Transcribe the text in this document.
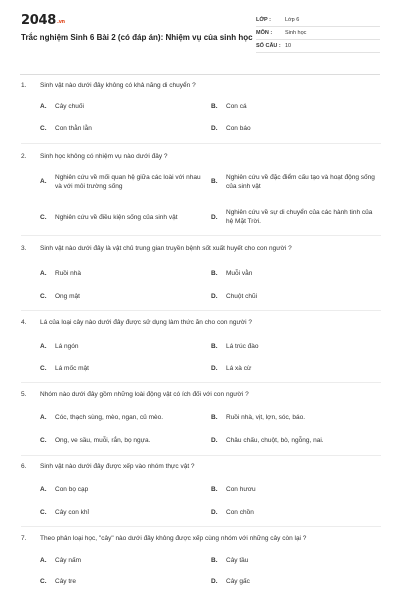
$2048^{.vn}$
Trắc nghiệm Sinh 6 Bài 2 (có đáp án): Nhiệm vụ của sinh học
LỚP :	Lớp 6
MÔN : Sinh học
SỐ CÂU : 10
1. Sinh vật nào dưới đây không có khả năng di chuyển ?
A. Cây chuối	B. Con cá
C. Con thằn lằn	D. Con báo
2. Sinh học không có nhiệm vụ nào dưới đây ?
A.
Nghiên cứu về mối quan hệ giữa các loài với nhau và với môi trường sống
B.
Nghiên cứu về đặc điểm cấu tạo và hoạt động sống của sinh vật
C. Nghiên cứu về điều kiện sống của sinh vật	D.
Nghiên cứu về sự di chuyển của các hành tinh của hệ Mặt Trời.
3. Sinh vật nào dưới đây là vật chủ trung gian truyền bệnh sốt xuất huyết cho con người ?
A. Ruồi nhà	B. Muỗi vằn
C. Ong mật	D. Chuột chũi
4. Lá của loại cây nào dưới đây được sử dụng làm thức ăn cho con người ?
A. Lá ngón	B. Lá trúc đào
C. Lá mốc mật	D. Lá xà cừ
5. Nhóm nào dưới đây gồm những loài động vật có ích đối với con người ?
A. Cóc, thạch sùng, mèo, ngan, củ mèo.	B. Ruồi nhà, vịt, lợn, sóc, báo.
C. Ong, ve sầu, muỗi, rắn, bọ ngựa.	D. Châu chấu, chuột, bò, ngỗng, nai.
6. Sinh vật nào dưới đây được xếp vào nhóm thực vật ?
A. Con bọ cạp	B. Con hươu
C. Cây con khỉ	D. Con chồn
7. Theo phân loại học, "cây" nào dưới đây không được xếp cùng nhóm với những cây còn lại ?
A. Cây nấm	B. Cây tầu
C. Cây tre	D. Cây gấc
